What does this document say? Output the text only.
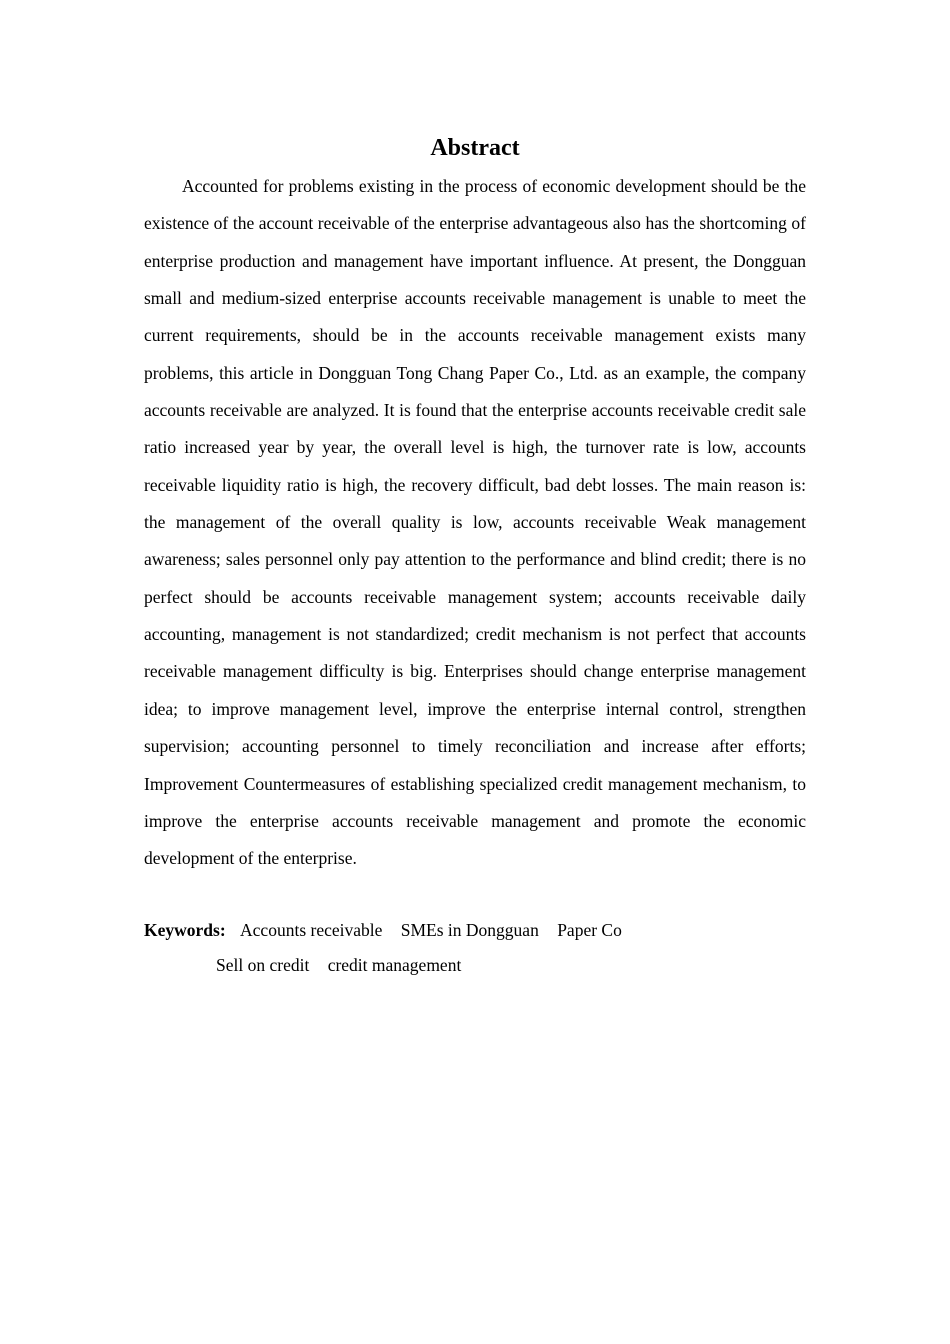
Abstract

Accounted for problems existing in the process of economic development should be the existence of the account receivable of the enterprise advantageous also has the shortcoming of enterprise production and management have important influence. At present, the Dongguan small and medium-sized enterprise accounts receivable management is unable to meet the current requirements, should be in the accounts receivable management exists many problems, this article in Dongguan Tong Chang Paper Co., Ltd. as an example, the company accounts receivable are analyzed. It is found that the enterprise accounts receivable credit sale ratio increased year by year, the overall level is high, the turnover rate is low, accounts receivable liquidity ratio is high, the recovery difficult, bad debt losses. The main reason is: the management of the overall quality is low, accounts receivable Weak management awareness; sales personnel only pay attention to the performance and blind credit; there is no perfect should be accounts receivable management system; accounts receivable daily accounting, management is not standardized; credit mechanism is not perfect that accounts receivable management difficulty is big. Enterprises should change enterprise management idea; to improve management level, improve the enterprise internal control, strengthen supervision; accounting personnel to timely reconciliation and increase after efforts; Improvement Countermeasures of establishing specialized credit management mechanism, to improve the enterprise accounts receivable management and promote the economic development of the enterprise.

Keywords: Accounts receivable SMEs in Dongguan Paper Co
Sell on credit credit management
